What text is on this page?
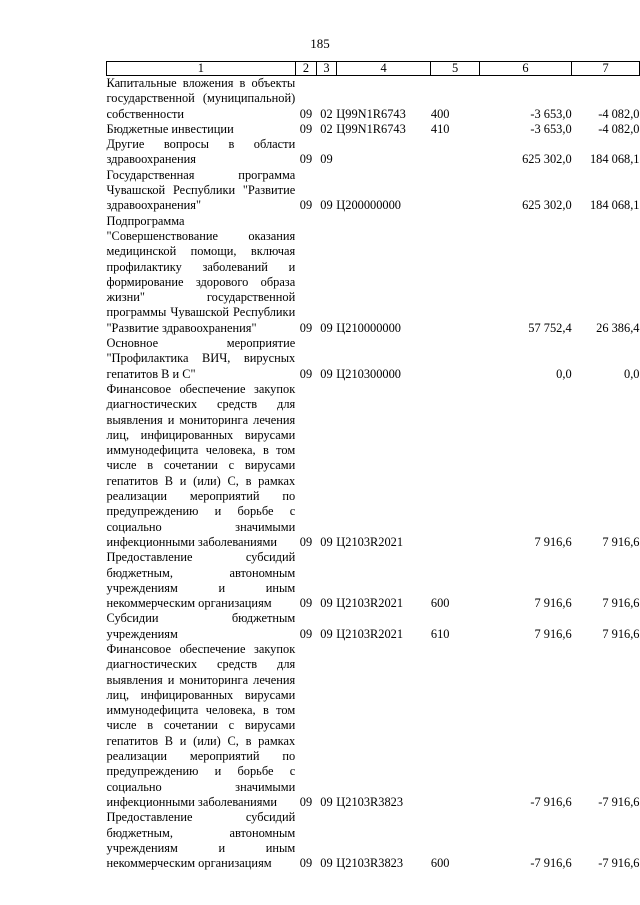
185
1	2	3	4	5	6	7
Капитальные вложения в объекты государственной (муниципальной) собственности	09	02	Ц99N1R6743	400	-3 653,0	-4 082,0
Бюджетные инвестиции	09	02	Ц99N1R6743	410	-3 653,0	-4 082,0
Другие вопросы в области здравоохранения	09	09			625 302,0	184 068,1
Государственная программа Чувашской Республики "Развитие здравоохранения"	09	09	Ц200000000		625 302,0	184 068,1
Подпрограмма "Совершенствование оказания медицинской помощи, включая профилактику заболеваний и формирование здорового образа жизни" государственной программы Чувашской Республики "Развитие здравоохранения"	09	09	Ц210000000		57 752,4	26 386,4
Основное мероприятие "Профилактика ВИЧ, вирусных гепатитов В и С"	09	09	Ц210300000		0,0	0,0
Финансовое обеспечение закупок диагностических средств для выявления и мониторинга лечения лиц, инфицированных вирусами иммунодефицита человека, в том числе в сочетании с вирусами гепатитов В и (или) С, в рамках реализации мероприятий по предупреждению и борьбе с социально значимыми инфекционными заболеваниями	09	09	Ц2103R2021		7 916,6	7 916,6
Предоставление субсидий бюджетным, автономным учреждениям и иным некоммерческим организациям	09	09	Ц2103R2021	600	7 916,6	7 916,6
Субсидии бюджетным учреждениям	09	09	Ц2103R2021	610	7 916,6	7 916,6
Финансовое обеспечение закупок диагностических средств для выявления и мониторинга лечения лиц, инфицированных вирусами иммунодефицита человека, в том числе в сочетании с вирусами гепатитов В и (или) С, в рамках реализации мероприятий по предупреждению и борьбе с социально значимыми инфекционными заболеваниями	09	09	Ц2103R3823		-7 916,6	-7 916,6
Предоставление субсидий бюджетным, автономным учреждениям и иным некоммерческим организациям	09	09	Ц2103R3823	600	-7 916,6	-7 916,6
